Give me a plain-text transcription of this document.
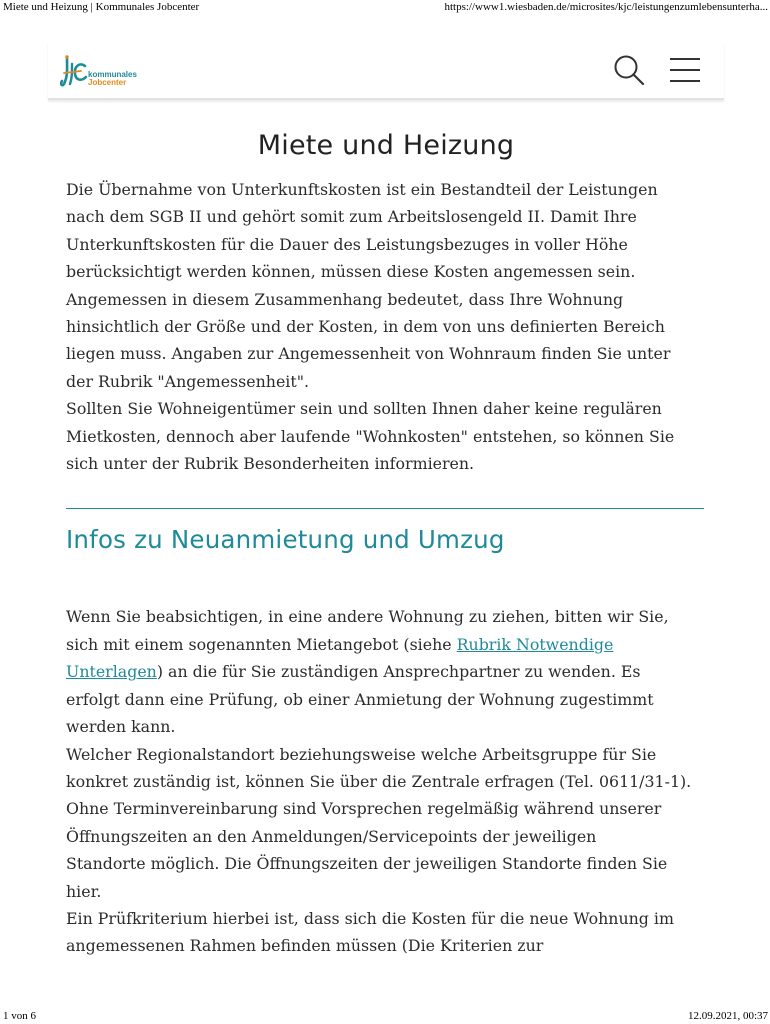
Miete und Heizung | Kommunales Jobcenter	https://www1.wiesbaden.de/microsites/kjc/leistungenzumlebensunterha...
kommunales
Jobcenter
Miete und Heizung

Die Übernahme von Unterkunftskosten ist ein Bestandteil der Leistungen
nach dem SGB II und gehört somit zum Arbeitslosengeld II. Damit Ihre
Unterkunftskosten für die Dauer des Leistungsbezuges in voller Höhe
berücksichtigt werden können, müssen diese Kosten angemessen sein.
Angemessen in diesem Zusammenhang bedeutet, dass Ihre Wohnung
hinsichtlich der Größe und der Kosten, in dem von uns definierten Bereich
liegen muss. Angaben zur Angemessenheit von Wohnraum finden Sie unter
der Rubrik "Angemessenheit".
Sollten Sie Wohneigentümer sein und sollten Ihnen daher keine regulären
Mietkosten, dennoch aber laufende "Wohnkosten" entstehen, so können Sie
sich unter der Rubrik Besonderheiten informieren.

Infos zu Neuanmietung und Umzug

Wenn Sie beabsichtigen, in eine andere Wohnung zu ziehen, bitten wir Sie,
sich mit einem sogenannten Mietangebot (siehe Rubrik Notwendige
Unterlagen) an die für Sie zuständigen Ansprechpartner zu wenden. Es
erfolgt dann eine Prüfung, ob einer Anmietung der Wohnung zugestimmt
werden kann.
Welcher Regionalstandort beziehungsweise welche Arbeitsgruppe für Sie
konkret zuständig ist, können Sie über die Zentrale erfragen (Tel. 0611/31-1).
Ohne Terminvereinbarung sind Vorsprechen regelmäßig während unserer
Öffnungszeiten an den Anmeldungen/Servicepoints der jeweiligen
Standorte möglich. Die Öffnungszeiten der jeweiligen Standorte finden Sie
hier.
Ein Prüfkriterium hierbei ist, dass sich die Kosten für die neue Wohnung im
angemessenen Rahmen befinden müssen (Die Kriterien zur

1 von 6	12.09.2021, 00:37
